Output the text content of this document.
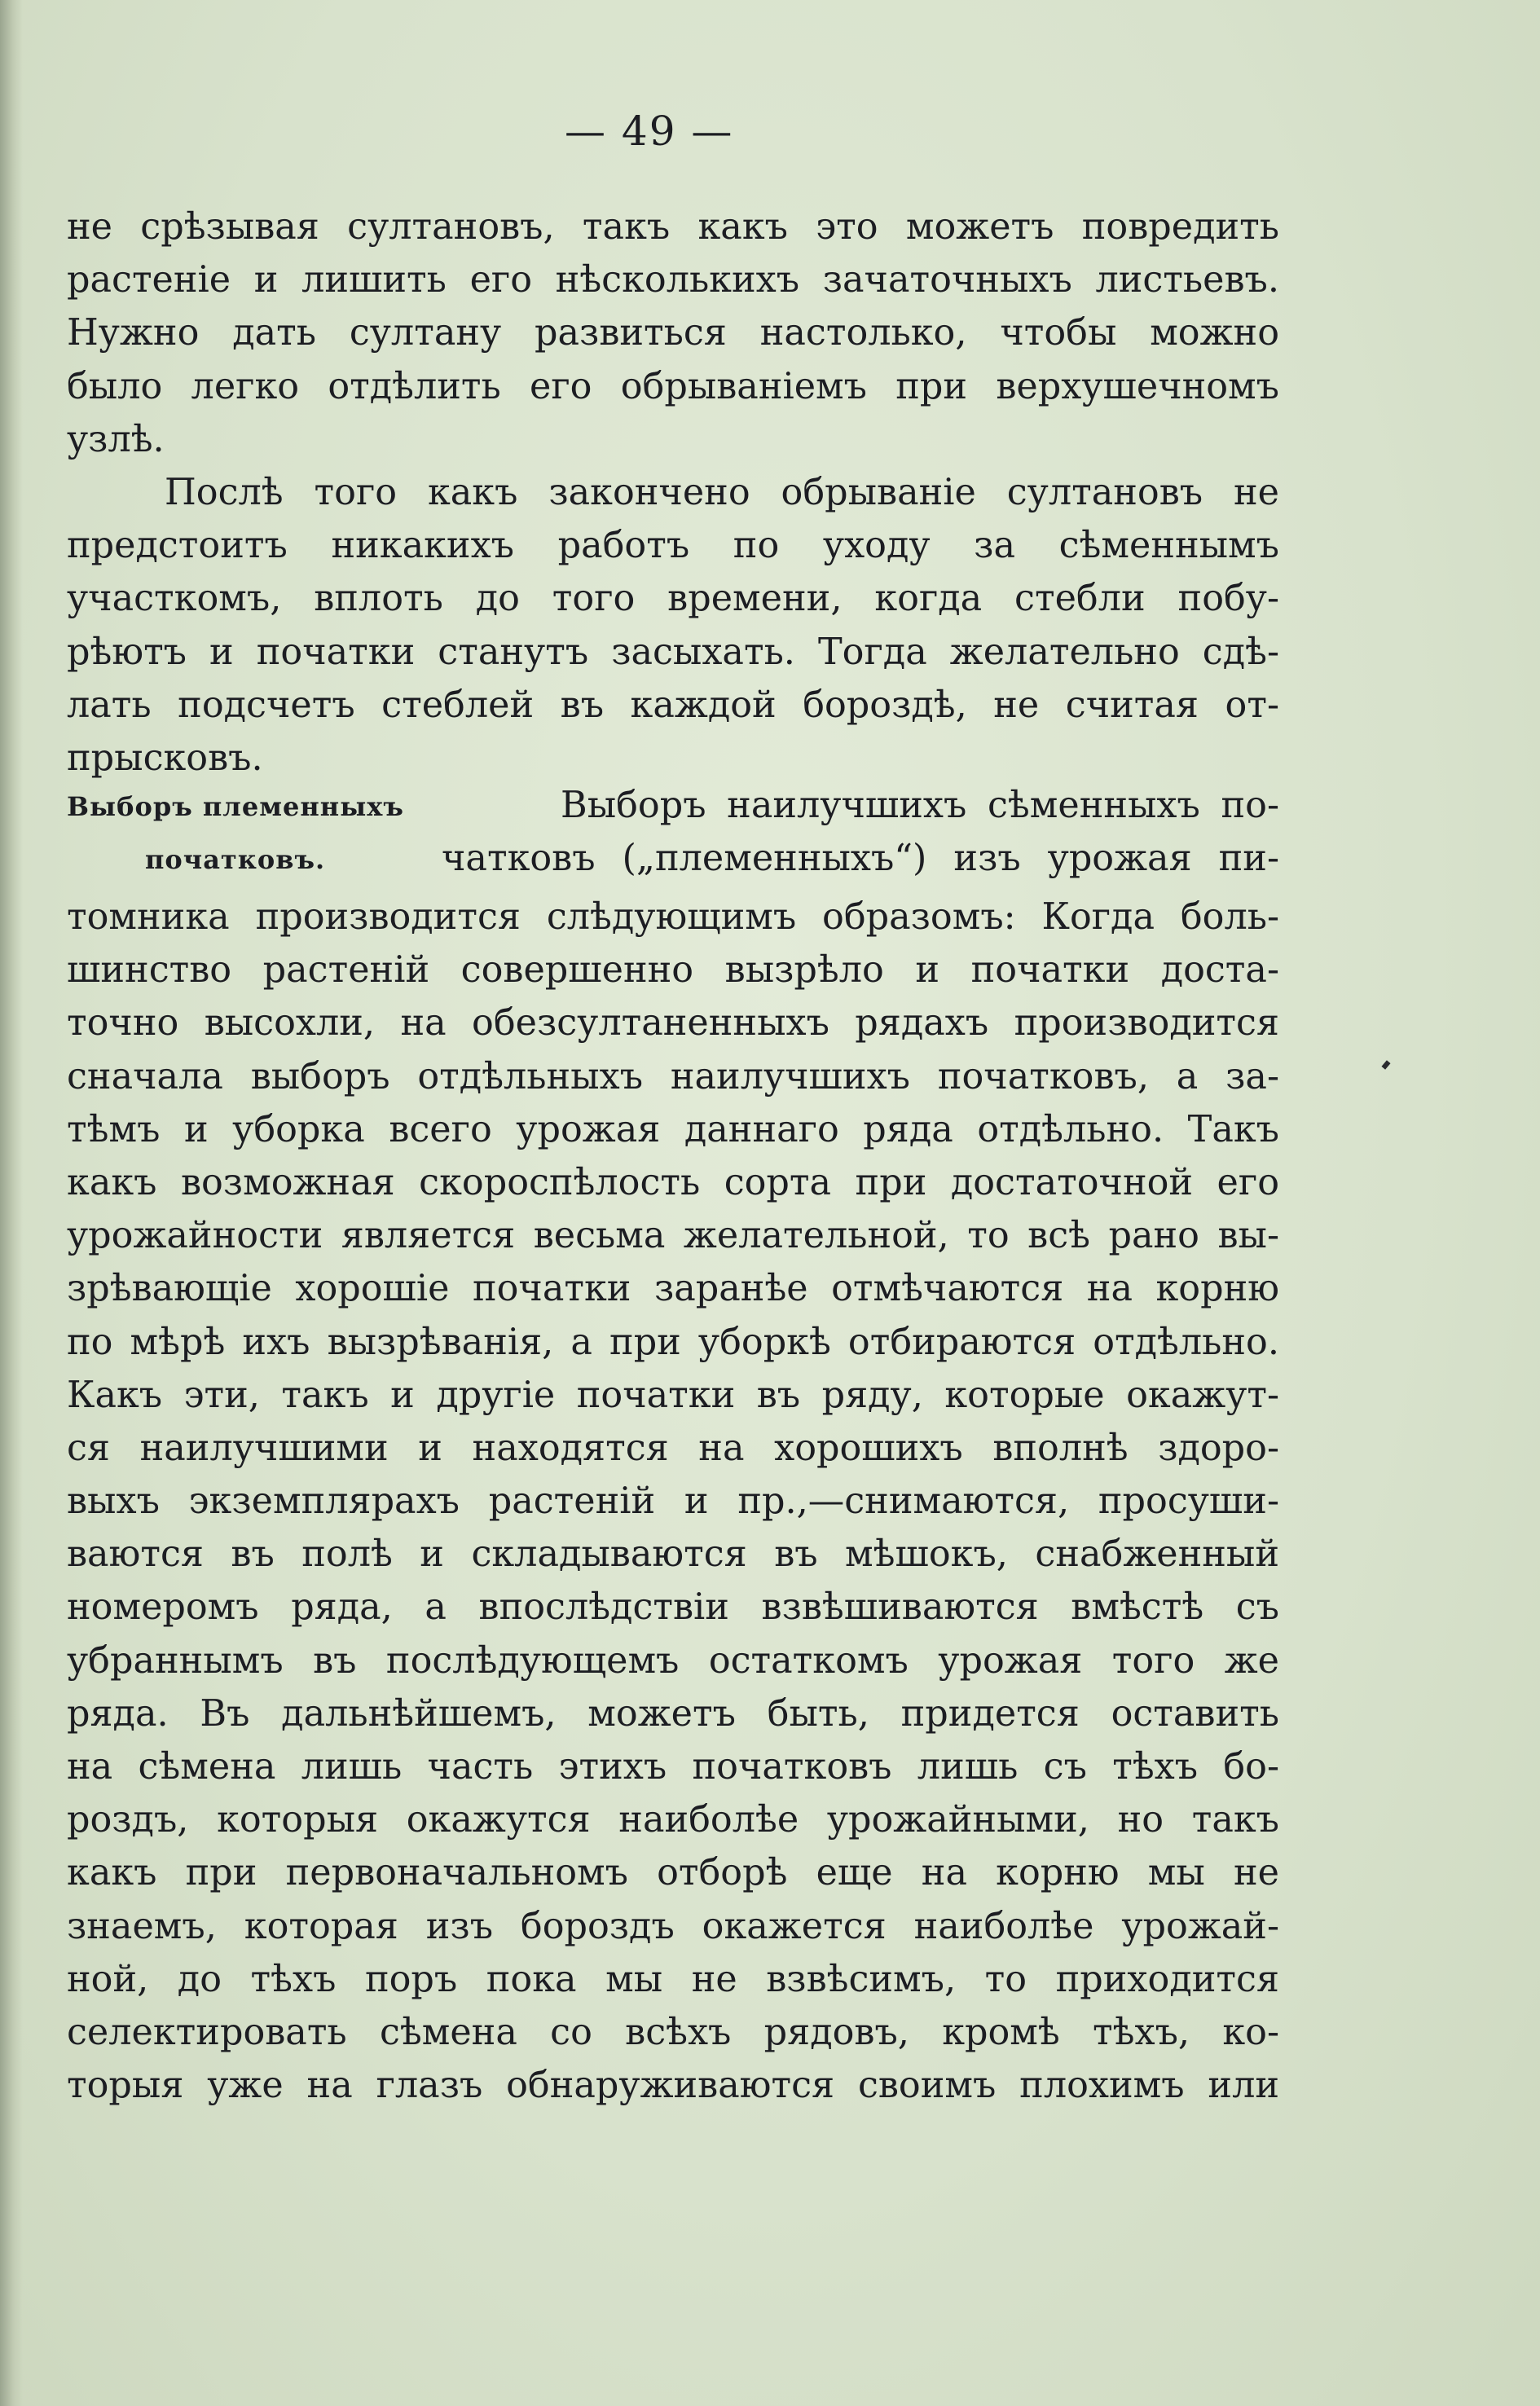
— 49 —
не срѣзывая султановъ, такъ какъ это можетъ повредить
растеніе и лишить его нѣсколькихъ зачаточныхъ листьевъ.
Нужно дать султану развиться настолько, чтобы можно
было легко отдѣлить его обрываніемъ при верхушечномъ
узлѣ.
Послѣ того какъ закончено обрываніе султановъ не
предстоитъ никакихъ работъ по уходу за сѣменнымъ
участкомъ, вплоть до того времени, когда стебли побу-
рѣютъ и початки станутъ засыхать. Тогда желательно сдѣ-
лать подсчетъ стеблей въ каждой бороздѣ, не считая от-
прысковъ.
Выборъ племенныхъ	Выборъ наилучшихъ сѣменныхъ по-
початковъ.	чатковъ („племенныхъ“) изъ урожая пи-
томника производится слѣдующимъ образомъ: Когда боль-
шинство растеній совершенно вызрѣло и початки доста-
точно высохли, на обезсултаненныхъ рядахъ производится
сначала выборъ отдѣльныхъ наилучшихъ початковъ, а за-
тѣмъ и уборка всего урожая даннаго ряда отдѣльно. Такъ
какъ возможная скороспѣлость сорта при достаточной его
урожайности является весьма желательной, то всѣ рано вы-
зрѣвающіе хорошіе початки заранѣе отмѣчаются на корню
по мѣрѣ ихъ вызрѣванія, а при уборкѣ отбираются отдѣльно.
Какъ эти, такъ и другіе початки въ ряду, которые окажут-
ся наилучшими и находятся на хорошихъ вполнѣ здоро-
выхъ экземплярахъ растеній и пр.,—снимаются, просуши-
ваются въ полѣ и складываются въ мѣшокъ, снабженный
номеромъ ряда, а впослѣдствіи взвѣшиваются вмѣстѣ съ
убраннымъ въ послѣдующемъ остаткомъ урожая того же
ряда. Въ дальнѣйшемъ, можетъ быть, придется оставить
на сѣмена лишь часть этихъ початковъ лишь съ тѣхъ бо-
роздъ, которыя окажутся наиболѣе урожайными, но такъ
какъ при первоначальномъ отборѣ еще на корню мы не
знаемъ, которая изъ бороздъ окажется наиболѣе урожай-
ной, до тѣхъ поръ пока мы не взвѣсимъ, то приходится
селектировать сѣмена со всѣхъ рядовъ, кромѣ тѣхъ, ко-
торыя уже на глазъ обнаруживаются своимъ плохимъ или
